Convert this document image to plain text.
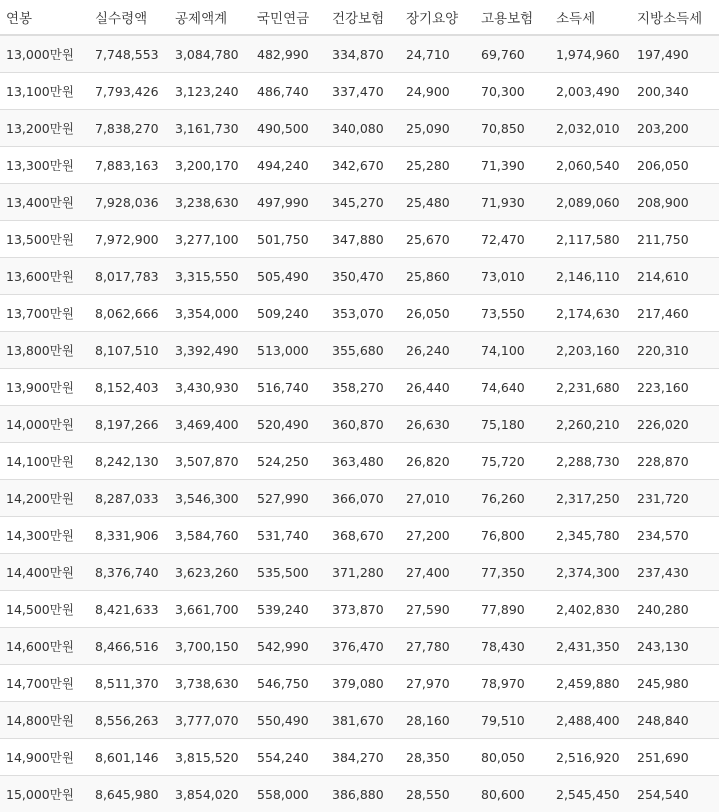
연봉	실수령액	공제액계	국민연금	건강보험	장기요양	고용보험	소득세	지방소득세
13,000만원	7,748,553	3,084,780	482,990	334,870	24,710	69,760	1,974,960	197,490
13,100만원	7,793,426	3,123,240	486,740	337,470	24,900	70,300	2,003,490	200,340
13,200만원	7,838,270	3,161,730	490,500	340,080	25,090	70,850	2,032,010	203,200
13,300만원	7,883,163	3,200,170	494,240	342,670	25,280	71,390	2,060,540	206,050
13,400만원	7,928,036	3,238,630	497,990	345,270	25,480	71,930	2,089,060	208,900
13,500만원	7,972,900	3,277,100	501,750	347,880	25,670	72,470	2,117,580	211,750
13,600만원	8,017,783	3,315,550	505,490	350,470	25,860	73,010	2,146,110	214,610
13,700만원	8,062,666	3,354,000	509,240	353,070	26,050	73,550	2,174,630	217,460
13,800만원	8,107,510	3,392,490	513,000	355,680	26,240	74,100	2,203,160	220,310
13,900만원	8,152,403	3,430,930	516,740	358,270	26,440	74,640	2,231,680	223,160
14,000만원	8,197,266	3,469,400	520,490	360,870	26,630	75,180	2,260,210	226,020
14,100만원	8,242,130	3,507,870	524,250	363,480	26,820	75,720	2,288,730	228,870
14,200만원	8,287,033	3,546,300	527,990	366,070	27,010	76,260	2,317,250	231,720
14,300만원	8,331,906	3,584,760	531,740	368,670	27,200	76,800	2,345,780	234,570
14,400만원	8,376,740	3,623,260	535,500	371,280	27,400	77,350	2,374,300	237,430
14,500만원	8,421,633	3,661,700	539,240	373,870	27,590	77,890	2,402,830	240,280
14,600만원	8,466,516	3,700,150	542,990	376,470	27,780	78,430	2,431,350	243,130
14,700만원	8,511,370	3,738,630	546,750	379,080	27,970	78,970	2,459,880	245,980
14,800만원	8,556,263	3,777,070	550,490	381,670	28,160	79,510	2,488,400	248,840
14,900만원	8,601,146	3,815,520	554,240	384,270	28,350	80,050	2,516,920	251,690
15,000만원	8,645,980	3,854,020	558,000	386,880	28,550	80,600	2,545,450	254,540
